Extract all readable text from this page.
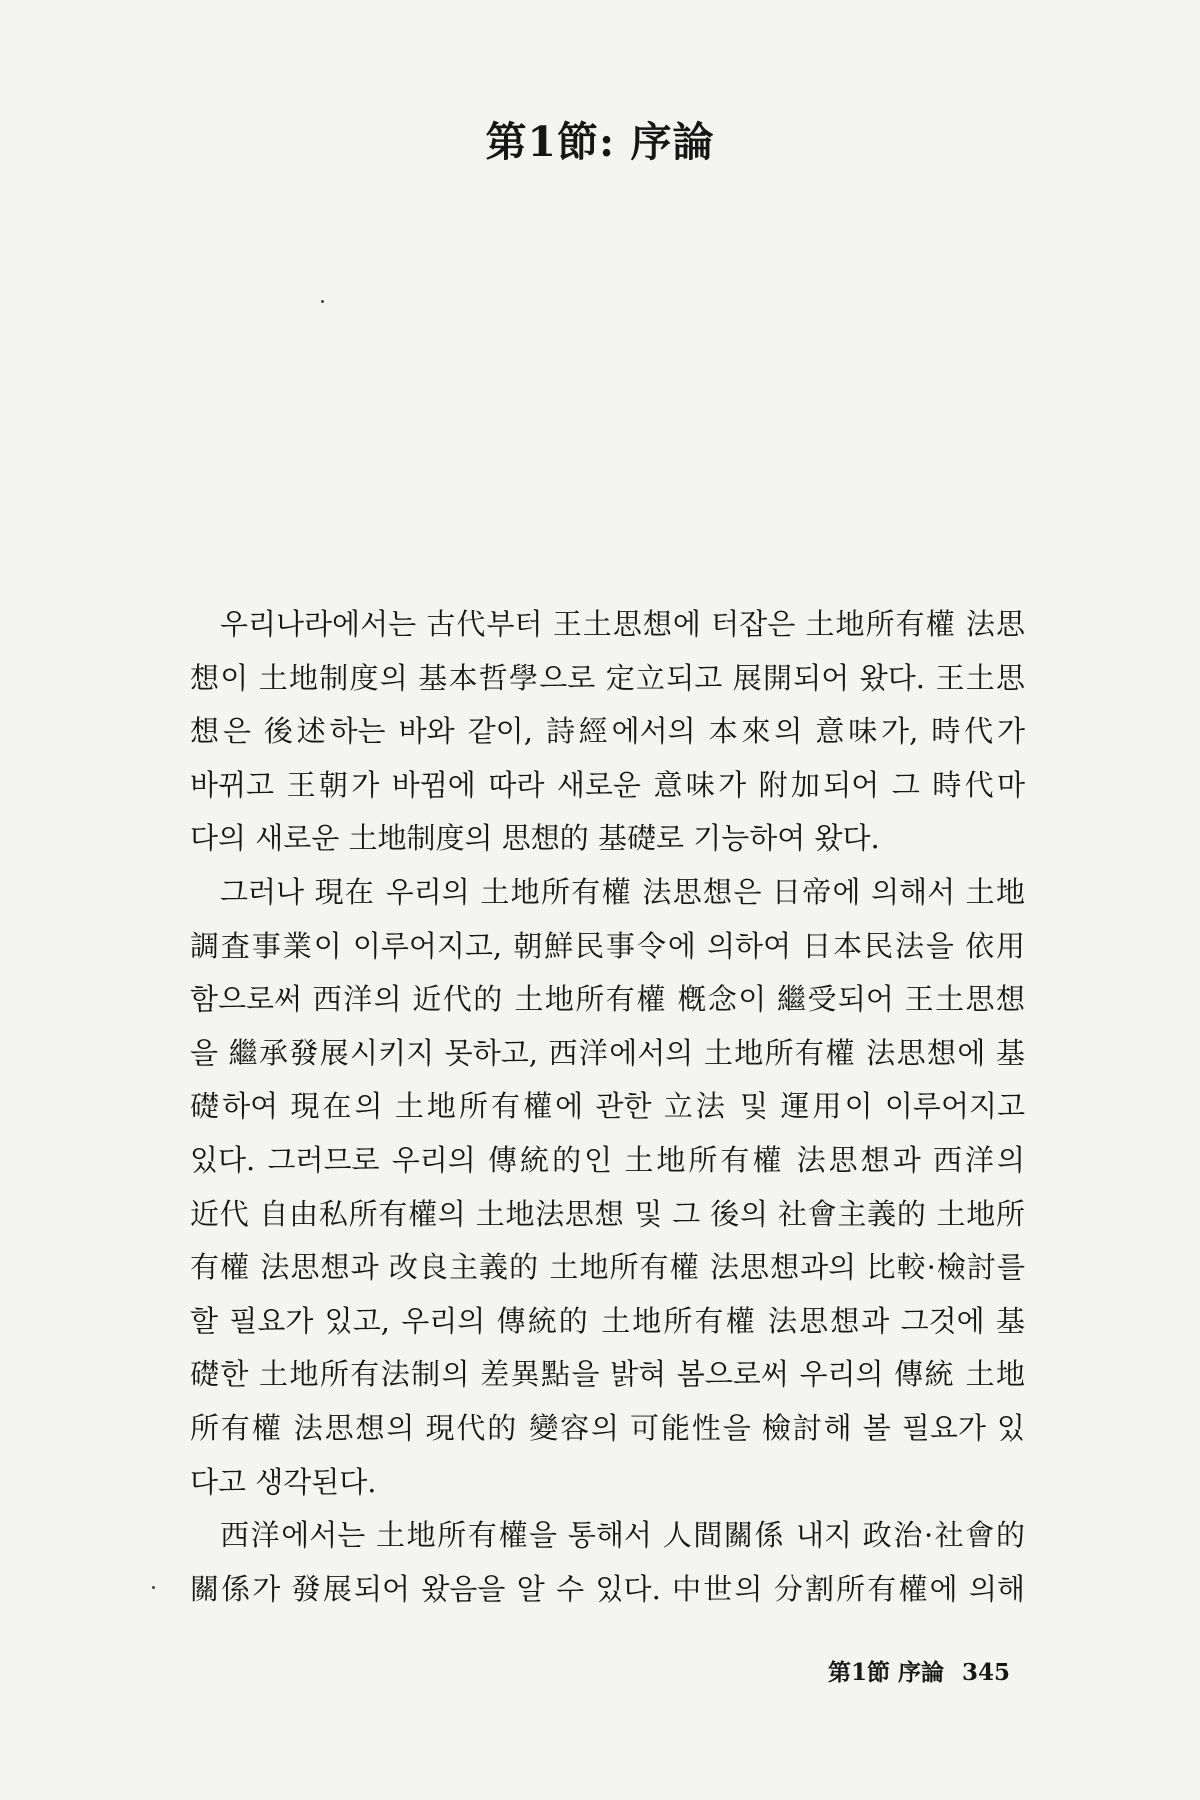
第1節: 序論
우리나라에서는 古代부터 王土思想에 터잡은 土地所有權 法思
想이 土地制度의 基本哲學으로 定立되고 展開되어 왔다. 王土思
想은 後述하는 바와 같이, 詩經에서의 本來의 意味가, 時代가
바뀌고 王朝가 바뀜에 따라 새로운 意味가 附加되어 그 時代마
다의 새로운 土地制度의 思想的 基礎로 기능하여 왔다.
그러나 現在 우리의 土地所有權 法思想은 日帝에 의해서 土地
調査事業이 이루어지고, 朝鮮民事令에 의하여 日本民法을 依用
함으로써 西洋의 近代的 土地所有權 槪念이 繼受되어 王土思想
을 繼承發展시키지 못하고, 西洋에서의 土地所有權 法思想에 基
礎하여 現在의 土地所有權에 관한 立法 및 運用이 이루어지고
있다. 그러므로 우리의 傳統的인 土地所有權 法思想과 西洋의
近代 自由私所有權의 土地法思想 및 그 後의 社會主義的 土地所
有權 法思想과 改良主義的 土地所有權 法思想과의 比較·檢討를
할 필요가 있고, 우리의 傳統的 土地所有權 法思想과 그것에 基
礎한 土地所有法制의 差異點을 밝혀 봄으로써 우리의 傳統 土地
所有權 法思想의 現代的 變容의 可能性을 檢討해 볼 필요가 있
다고 생각된다.
西洋에서는 土地所有權을 통해서 人間關係 내지 政治·社會的
關係가 發展되어 왔음을 알 수 있다. 中世의 分割所有權에 의해
第1節 序論 345
